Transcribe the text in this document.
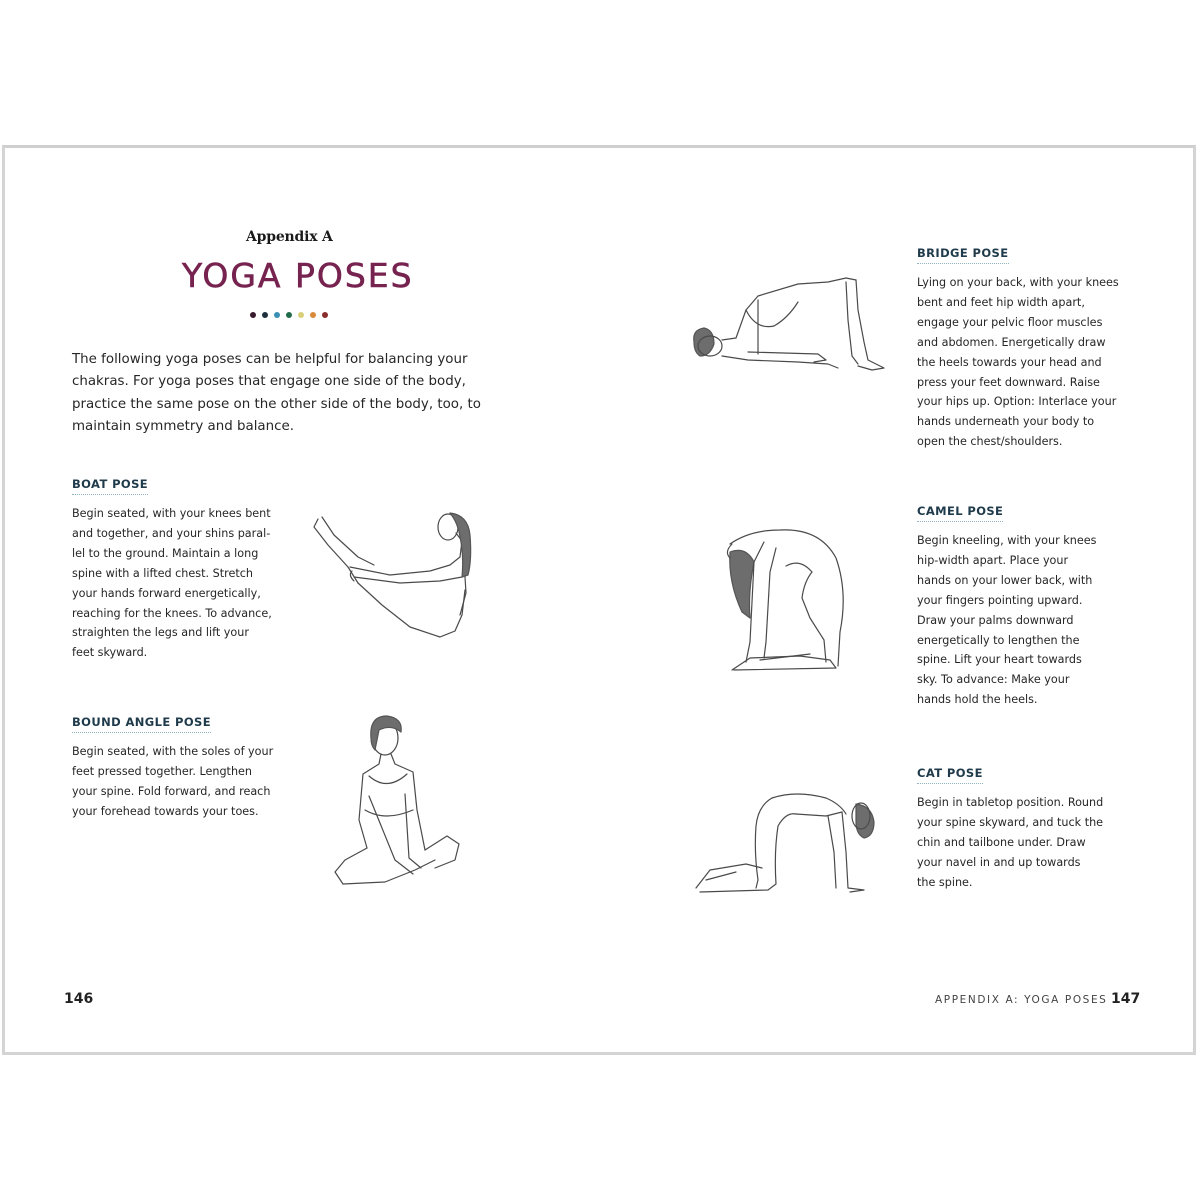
Appendix A
YOGA POSES
The following yoga poses can be helpful for balancing your chakras. For yoga poses that engage one side of the body, practice the same pose on the other side of the body, too, to maintain symmetry and balance.
BOAT POSE
Begin seated, with your knees bent
and together, and your shins paral-
lel to the ground. Maintain a long
spine with a lifted chest. Stretch
your hands forward energetically,
reaching for the knees. To advance,
straighten the legs and lift your
feet skyward.
BOUND ANGLE POSE
Begin seated, with the soles of your
feet pressed together. Lengthen
your spine. Fold forward, and reach
your forehead towards your toes.
146
BRIDGE POSE
Lying on your back, with your knees
bent and feet hip width apart,
engage your pelvic floor muscles
and abdomen. Energetically draw
the heels towards your head and
press your feet downward. Raise
your hips up. Option: Interlace your
hands underneath your body to
open the chest/shoulders.
CAMEL POSE
Begin kneeling, with your knees
hip-width apart. Place your
hands on your lower back, with
your fingers pointing upward.
Draw your palms downward
energetically to lengthen the
spine. Lift your heart towards
sky. To advance: Make your
hands hold the heels.
CAT POSE
Begin in tabletop position. Round
your spine skyward, and tuck the
chin and tailbone under. Draw
your navel in and up towards
the spine.
APPENDIX A: YOGA POSES 147
